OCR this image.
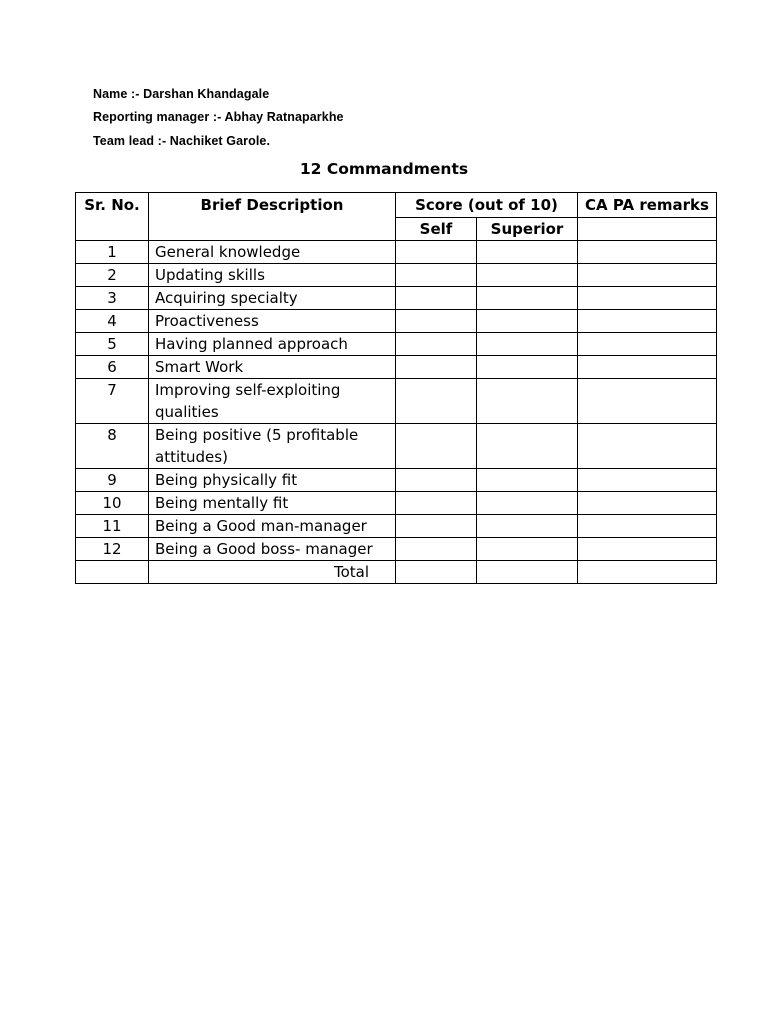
Name :- Darshan Khandagale
Reporting manager :- Abhay Ratnaparkhe
Team lead :- Nachiket Garole.
12 Commandments
Sr. No.	Brief Description	Score (out of 10)		CA PA remarks
		Self	Superior	
1	General knowledge			
2	Updating skills			
3	Acquiring specialty			
4	Proactiveness			
5	Having planned approach			
6	Smart Work			
7	Improving self-exploiting qualities			
8	Being positive (5 profitable attitudes)			
9	Being physically fit			
10	Being mentally fit			
11	Being a Good man-manager			
12	Being a Good boss- manager			
	Total			
